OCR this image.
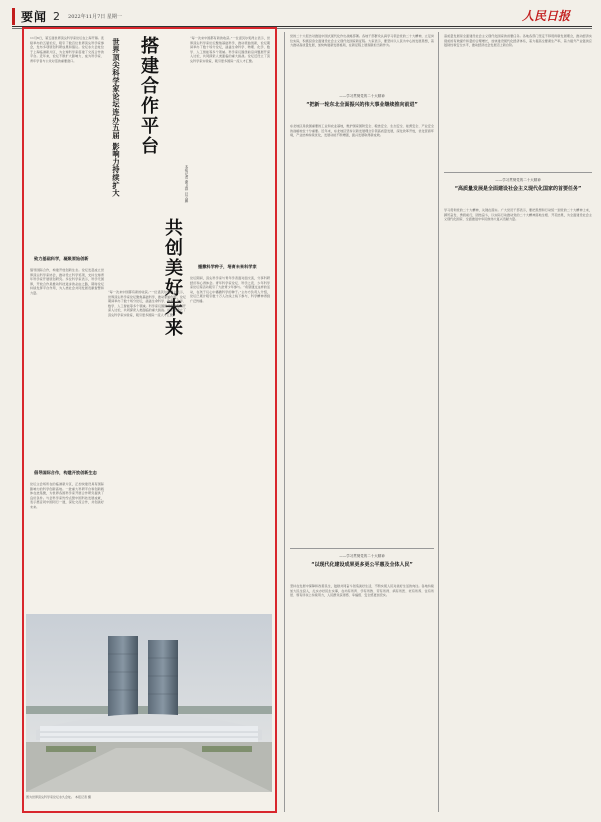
要闻 2 2022年11月7日 星期一	人民日报
11月6日，第五届世界顶尖科学家论坛在上海开幕。连续举办的五届论坛，吸引了数百位世界顶尖科学家参会，发布多项原创科研成果和倡议。论坛永久会址位于上海临港新片区，为全球科学家搭建了交流合作的平台。近年来，论坛不断扩大影响力，成为科学家、青年学者与公众对话的重要窗口。	世界顶尖科学家论坛连办五届 影响力持续扩大 搭建合作平台
共创美好未来
本报记者 谢卫群 巨云鹏
“每一次来中国都有新的收获。”一位诺贝尔奖得主表示，世界顶尖科学家论坛聚焦基础科学，推动原始创新，论坛期间举办了数十场分论坛，涵盖生命科学、物理、化学、数学、人工智能等多个领域。科学家们围绕前沿问题展开深入讨论，共同探索人类面临的重大挑战。论坛还设立了顶尖科学家实验室，吸引更多国际一流人才汇聚。
播撒科学种子，培育未来科学家
论坛期间，顶尖科学家与青年学者面对面交流，分享科研经历和心得体会。青年科学家论坛、科学之夜、少年科学家论坛等活动吸引了大批青少年参与。“希望通过这样的活动，在孩子们心中播撒科学的种子。”主办方负责人介绍，论坛已累计吸引数十万人次线上线下参与，科学精神得到广泛传播。
致力基础科学，凝聚原始创新
倡导国际合作，构建开放创新生态。论坛发起成立世界顶尖科学家协会，推动设立科学奖项，支持全球青年科学家开展原创研究。多位科学家表示，科学无国界，开放合作是推动科技进步的必由之路，期待论坛持续发挥平台作用，为人类社会共同发展贡献智慧和力量。
倡导国际合作，构建开放创新生态
论坛主会场所在的临港新片区，正加快建设具有国际影响力的科学创新高地。一批重大科研平台和创新载体在此集聚，为世界各国科学家开展合作研究提供了良好条件。与会科学家纷纷点赞中国科技发展成就，表示愿意同中国同行一道，深化交流合作，共创美好未来。
“每一次来中国都有新的收获。”一位诺贝尔奖得主表示，世界顶尖科学家论坛聚焦基础科学，推动原始创新，论坛期间举办了数十场分论坛，涵盖生命科学、物理、化学、数学、人工智能等多个领域。科学家们围绕前沿问题展开深入讨论，共同探索人类面临的重大挑战。论坛还设立了顶尖科学家实验室，吸引更多国际一流人才汇聚。
图为世界顶尖科学家论坛永久会址。 本报记者 摄
党的二十大报告对推进中国式现代化作出战略部署。各地干部群众认真学习领会党的二十大精神，立足岗位实际，积极投身全面建设社会主义现代化国家新征程。大家表示，要坚持以人民为中心的发展思想，着力推动高质量发展，加快构建新发展格局，在新征程上展现新担当新作为。
——学习贯彻党的二十大精神
“把新一轮东北全面振兴的伟大事业继续推向前进”
东北地区是我国重要的工业和农业基地，维护国家国防安全、粮食安全、生态安全、能源安全、产业安全的战略地位十分重要。近年来，东北地区坚持以新发展理念引领高质量发展，深化改革开放，优化营商环境，产业结构持续优化，发展动能不断增强，振兴发展取得新成效。
——学习贯彻党的二十大精神
“以现代化建设成果更多更公平惠及全体人民”
坚持在发展中保障和改善民生，鼓励共同奋斗创造美好生活，不断实现人民对美好生活的向往。各地持续加大民生投入，扎实办好民生实事，在幼有所育、学有所教、劳有所得、病有所医、老有所养、住有所居、弱有所扶上持续用力，人民群众获得感、幸福感、安全感更加充实。
高质量发展是全面建设社会主义现代化国家的首要任务。各地各部门坚定不移贯彻新发展理念，推动经济实现质的有效提升和量的合理增长，加快建设现代化经济体系，着力提高全要素生产率，着力提升产业链供应链韧性和安全水平，推动经济社会发展迈上新台阶。
——学习贯彻党的二十大精神
“高质量发展是全面建设社会主义现代化国家的首要任务”
学习贯彻党的二十大精神，关键在落实。广大党员干部表示，要把思想和行动统一到党的二十大精神上来，踔厉奋发、勇毅前行，团结奋斗，以实际行动推动党的二十大精神落地生根、开花结果，为全面建设社会主义现代化国家、全面推进中华民族伟大复兴贡献力量。
